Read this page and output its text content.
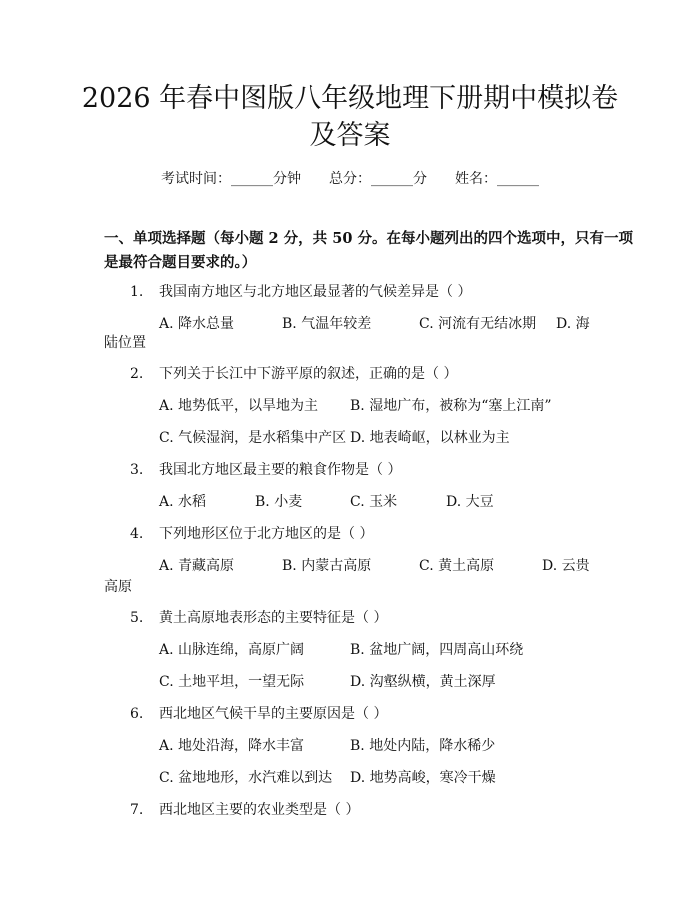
2026 年春中图版八年级地理下册期中模拟卷
及答案
考试时间：______分钟 总分：______分 姓名：______
一、单项选择题（每小题 2 分，共 50 分。在每小题列出的四个选项中，只有一项
是最符合题目要求的。）
1. 我国南方地区与北方地区最显著的气候差异是（ ）
A. 降水总量	B. 气温年较差	C. 河流有无结冰期 D. 海
陆位置
2. 下列关于长江中下游平原的叙述，正确的是（ ）
A. 地势低平，以旱地为主 B. 湿地广布，被称为“塞上江南”
C. 气候湿润，是水稻集中产区 D. 地表崎岖，以林业为主
3. 我国北方地区最主要的粮食作物是（ ）
A. 水稻	B. 小麦	C. 玉米	D. 大豆
4. 下列地形区位于北方地区的是（ ）
A. 青藏高原	B. 内蒙古高原	C. 黄土高原	D. 云贵
高原
5. 黄土高原地表形态的主要特征是（ ）
A. 山脉连绵，高原广阔	B. 盆地广阔，四周高山环绕
C. 土地平坦，一望无际	D. 沟壑纵横，黄土深厚
6. 西北地区气候干旱的主要原因是（ ）
A. 地处沿海，降水丰富	B. 地处内陆，降水稀少
C. 盆地地形，水汽难以到达 D. 地势高峻，寒冷干燥
7. 西北地区主要的农业类型是（ ）
